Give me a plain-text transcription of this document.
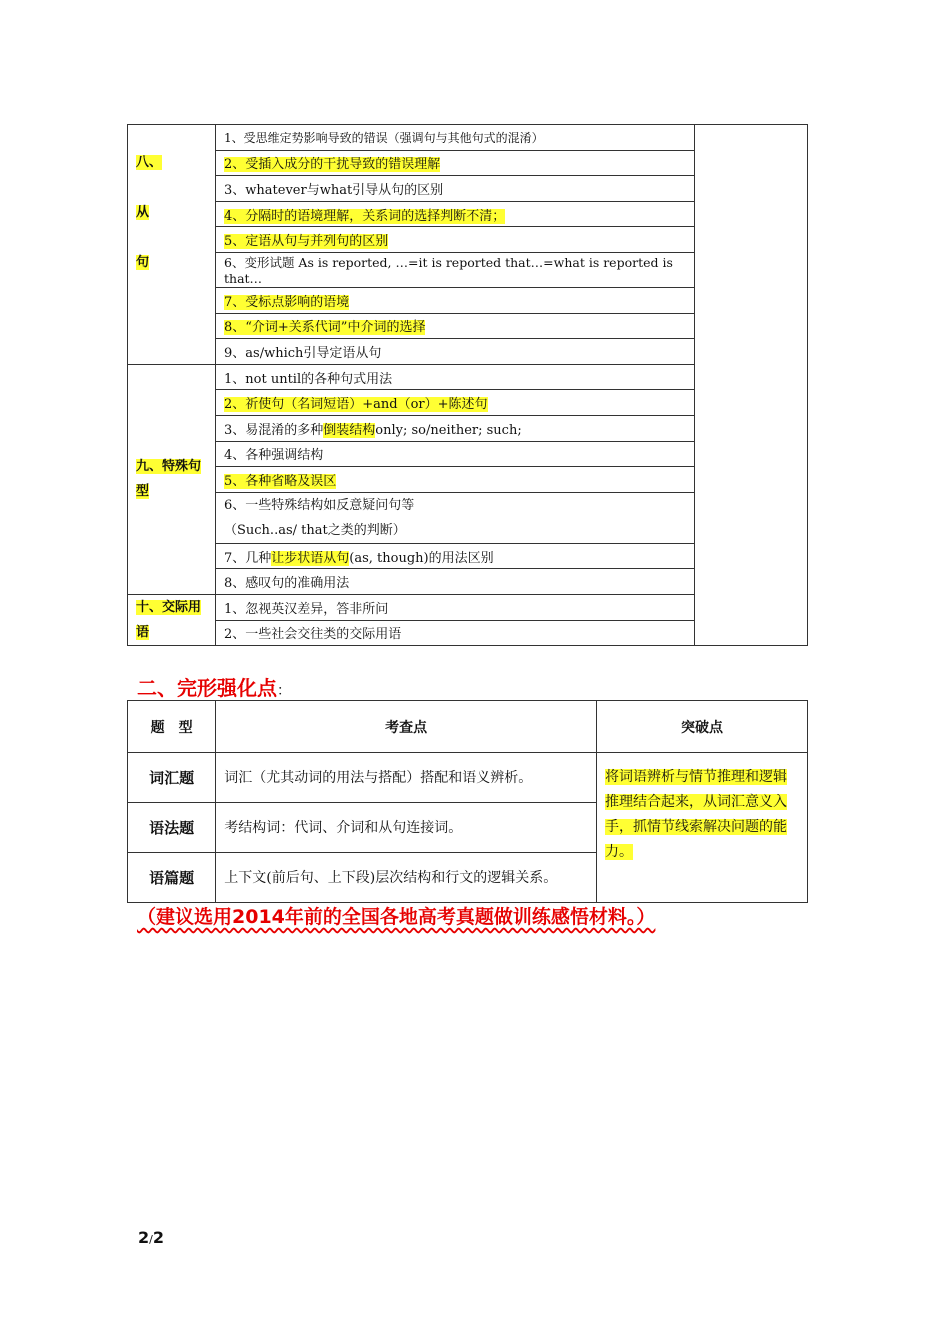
八、
从
句	1、受思维定势影响导致的错误（强调句与其他句式的混淆）	
	2、受插入成分的干扰导致的错误理解	
	3、whatever与what引导从句的区别	
	4、分隔时的语境理解，关系词的选择判断不清；	
	5、定语从句与并列句的区别	
	6、变形试题 As is reported, …=it is reported that…=what is reported is that…	
	7、受标点影响的语境	
	8、“介词+关系代词”中介词的选择	
	9、as/which引导定语从句	

九、特殊句
型	1、not until的各种句式用法	
	2、祈使句（名词短语）+and（or）+陈述句	
	3、易混淆的多种倒装结构only; so/neither; such;	
	4、各种强调结构	
	5、各种省略及误区	

	6、一些特殊结构如反意疑问句等
（Such..as/ that之类的判断）	

	7、几种让步状语从句(as, though)的用法区别	
	8、感叹句的准确用法	

十、交际用
语	1、忽视英汉差异，答非所问	
	2、一些社会交往类的交际用语	

二、完形强化点：

题　型	考查点	突破点
词汇题	词汇（尤其动词的用法与搭配）搭配和语义辨析。	将词语辨析与情节推理和逻辑推理结合起来，从词汇意义入手，抓情节线索解决问题的能力。
语法题	考结构词：代词、介词和从句连接词。	
语篇题	上下文(前后句、上下段)层次结构和行文的逻辑关系。	

（建议选用2014年前的全国各地高考真题做训练感悟材料。）

2/2
